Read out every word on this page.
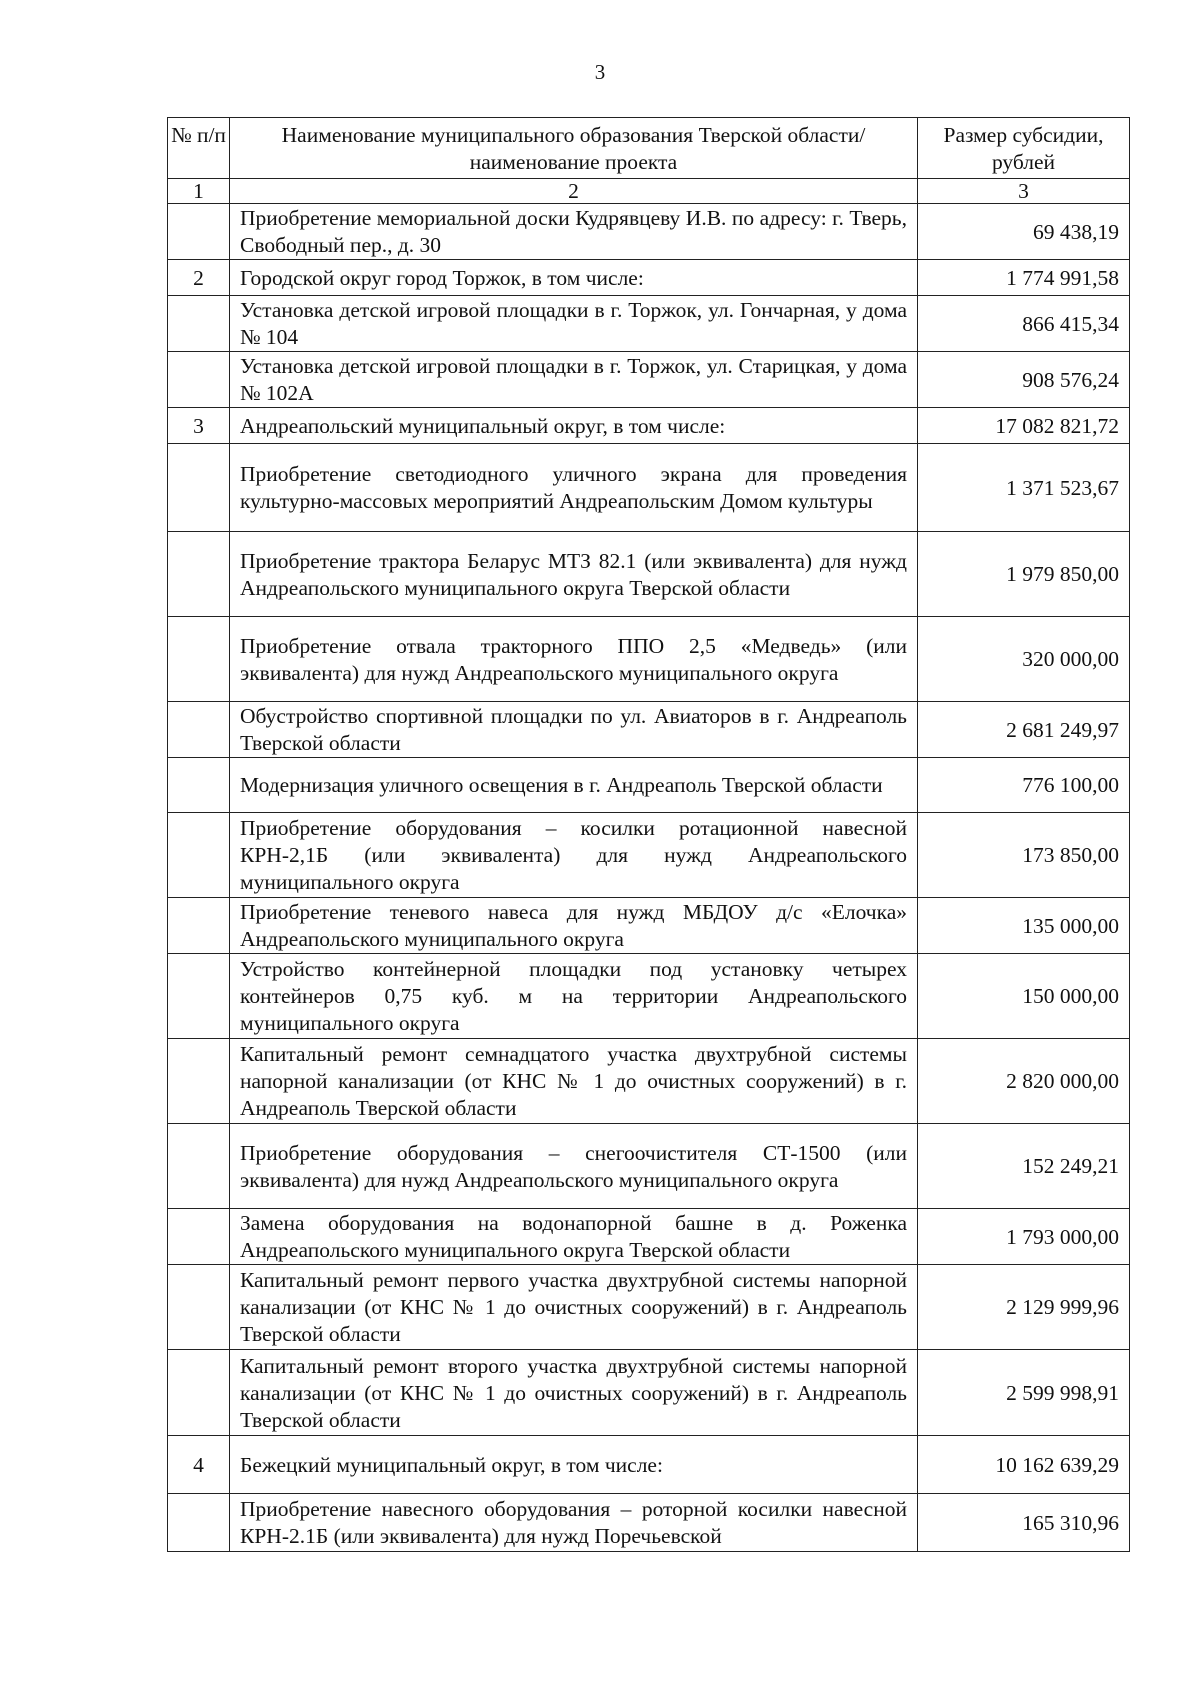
3
№ п/п	Наименование муниципального образования Тверской области/наименование проекта	Размер субсидии, рублей
1	2	3
	Приобретение мемориальной доски Кудрявцеву И.В. по адресу: г. Тверь, Свободный пер., д. 30	69 438,19
2	Городской округ город Торжок, в том числе:	1 774 991,58
	Установка детской игровой площадки в г. Торжок, ул. Гончарная, у дома № 104	866 415,34
	Установка детской игровой площадки в г. Торжок, ул. Старицкая, у дома № 102А	908 576,24
3	Андреапольский муниципальный округ, в том числе:	17 082 821,72
	Приобретение светодиодного уличного экрана для проведения культурно-массовых мероприятий Андреапольским Домом культуры	1 371 523,67
	Приобретение трактора Беларус МТЗ 82.1 (или эквивалента) для нужд Андреапольского муниципального округа Тверской области	1 979 850,00
	Приобретение отвала тракторного ППО 2,5 «Медведь» (или эквивалента) для нужд Андреапольского муниципального округа	320 000,00
	Обустройство спортивной площадки по ул. Авиаторов в г. Андреаполь Тверской области	2 681 249,97
	Модернизация уличного освещения в г. Андреаполь Тверской области	776 100,00
	Приобретение оборудования – косилки ротационной навесной КРН-2,1Б (или эквивалента) для нужд Андреапольского муниципального округа	173 850,00
	Приобретение теневого навеса для нужд МБДОУ д/с «Елочка» Андреапольского муниципального округа	135 000,00
	Устройство контейнерной площадки под установку четырех контейнеров 0,75 куб. м на территории Андреапольского муниципального округа	150 000,00
	Капитальный ремонт семнадцатого участка двухтрубной системы напорной канализации (от КНС № 1 до очистных сооружений) в г. Андреаполь Тверской области	2 820 000,00
	Приобретение оборудования – снегоочистителя СТ-1500 (или эквивалента) для нужд Андреапольского муниципального округа	152 249,21
	Замена оборудования на водонапорной башне в д. Роженка Андреапольского муниципального округа Тверской области	1 793 000,00
	Капитальный ремонт первого участка двухтрубной системы напорной канализации (от КНС № 1 до очистных сооружений) в г. Андреаполь Тверской области	2 129 999,96
	Капитальный ремонт второго участка двухтрубной системы напорной канализации (от КНС № 1 до очистных сооружений) в г. Андреаполь Тверской области	2 599 998,91
4	Бежецкий муниципальный округ, в том числе:	10 162 639,29
	Приобретение навесного оборудования – роторной косилки навесной КРН-2.1Б (или эквивалента) для нужд Поречьевской	165 310,96
